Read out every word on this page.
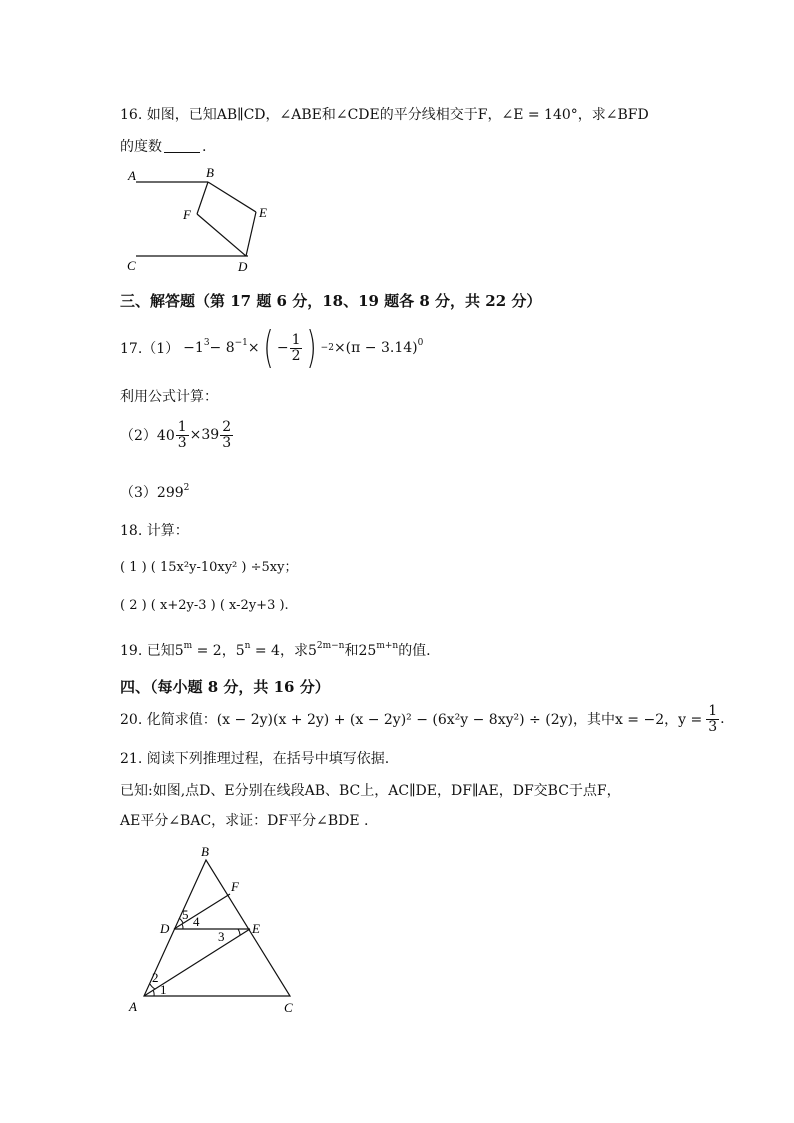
16. 如图，已知AB∥CD，∠ABE和∠CDE的平分线相交于F，∠E = 140°，求∠BFD
的度数	.
A	B
F	E
C	D
三、解答题（第 17 题 6 分，18、19 题各 8 分，共 22 分）
$17.(1) -1^3 - 8^{-1}$ × ( − $\frac{1}{2}$ ) $-2 \times (\pi - 3.14)^0$
利用公式计算：
$(2)40 \frac{1}{3} \times 39 \frac{2}{3}$
$(3)299^2$
18. 计算：
( 1 ) ( 15x²y-10xy² ) ÷5xy；
( 2 ) ( x+2y-3 ) ( x-2y+3 ).
19. 已知$5^m = 2$，$5^n = 4$，求$5^{2m-n}$和$25^{m+n}$的值.
四、（每小题 8 分，共 16 分）
20. 化简求值： (x − 2y)(x + 2y) + (x − 2y)² − (6x²y − 8xy²) ÷ (2y)，其中x = −2，$y = \frac{1}{3}$ .
21. 阅读下列推理过程，在括号中填写依据.
已知:如图,点D、E分别在线段AB、BC上，AC∥DE，DF∥AE，DF交BC于点F，
AE平分∠BAC，求证：DF平分∠BDE .
B
F
D	E
A	C
5 4
3
2
1
